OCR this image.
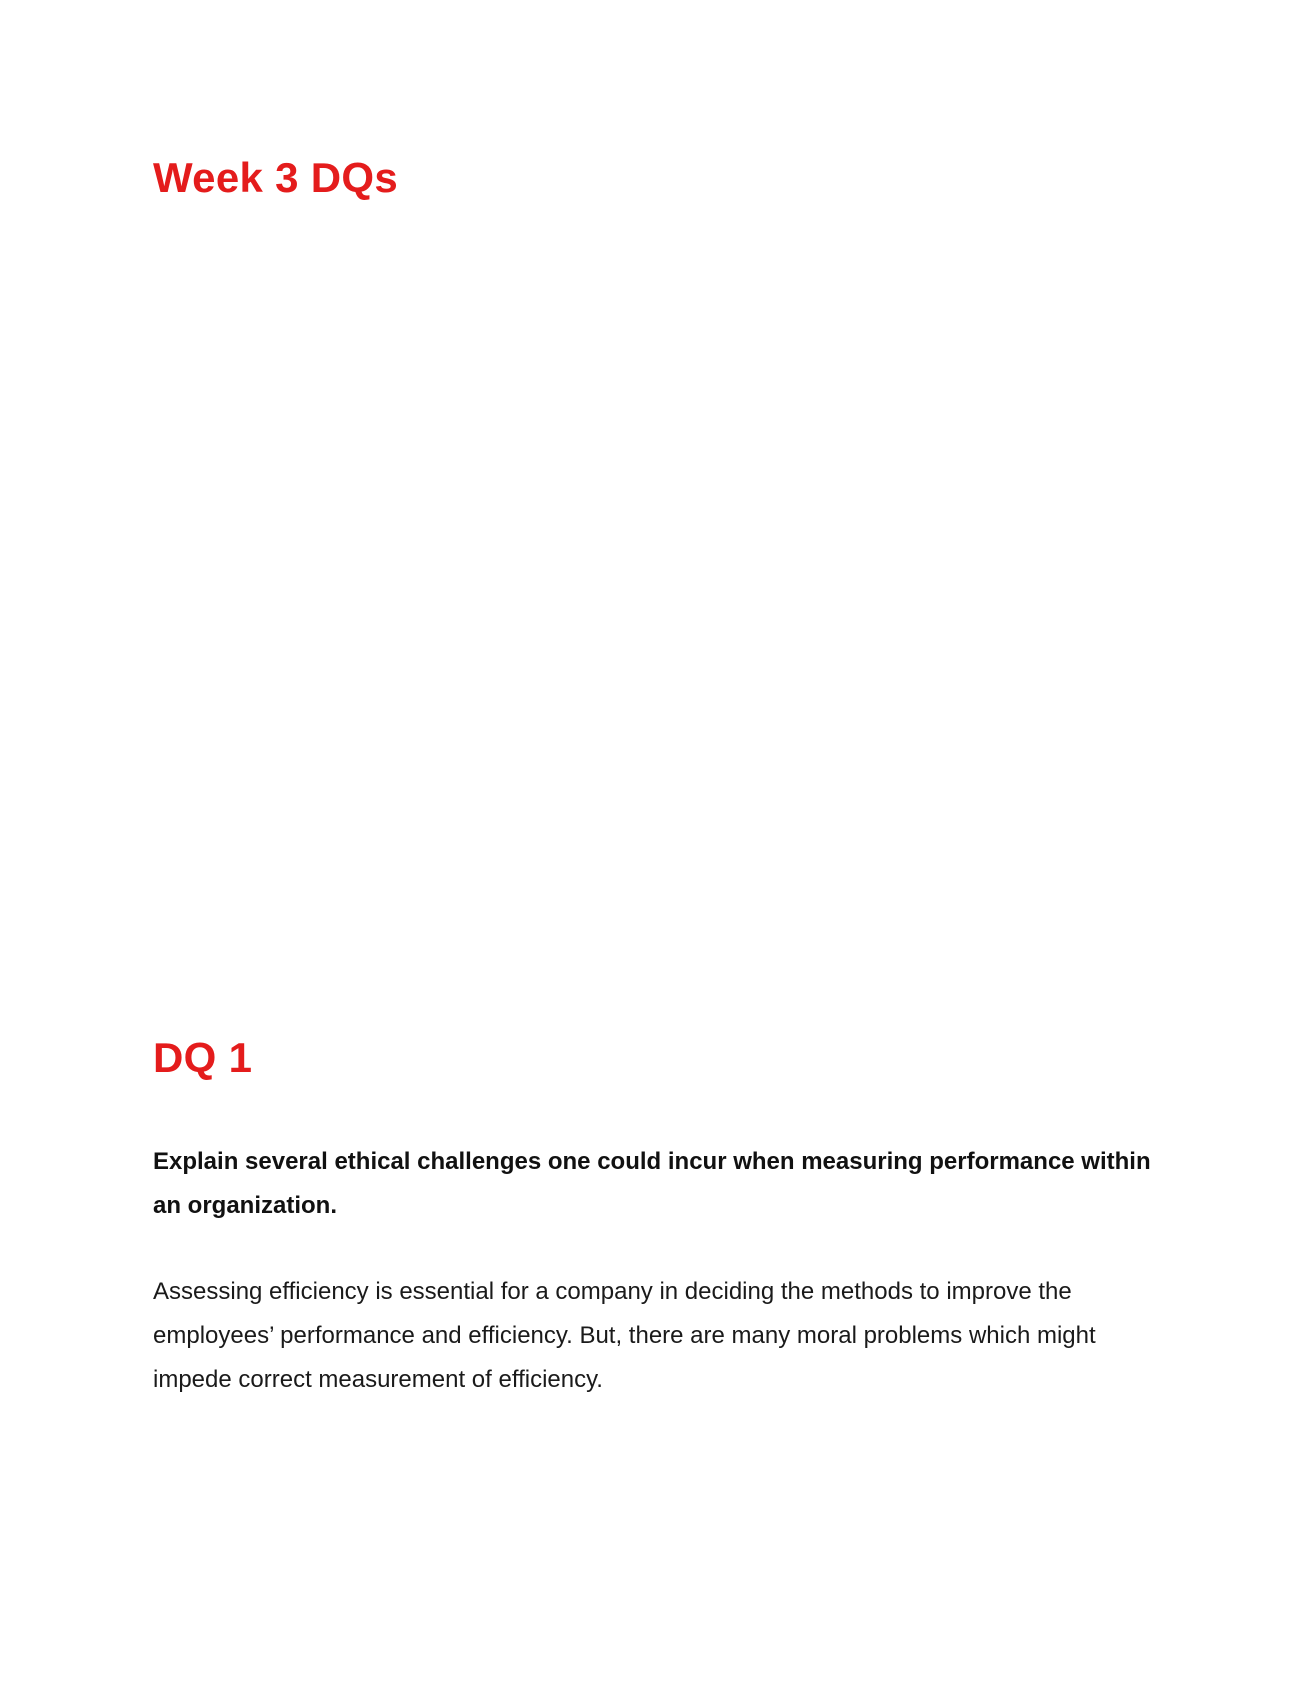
Week 3 DQs
DQ 1

Explain several ethical challenges one could incur when measuring performance within an organization.

Assessing efficiency is essential for a company in deciding the methods to improve the employees’ performance and efficiency. But, there are many moral problems which might impede correct measurement of efficiency.
